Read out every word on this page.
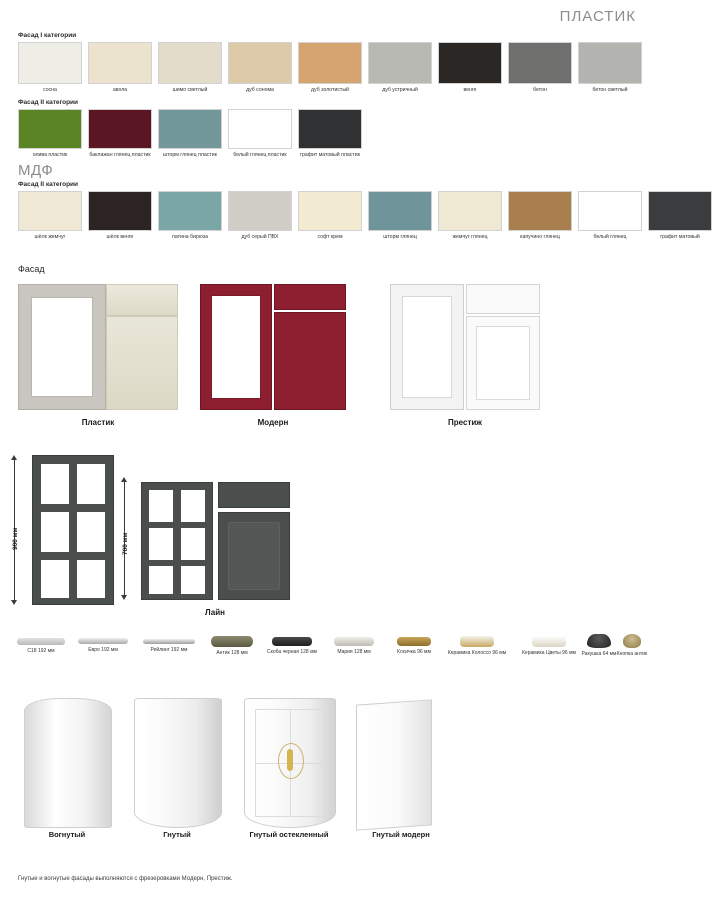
ПЛАСТИК
Фасад I категории
сосна	авола	шимо светлый	дуб сонома	дуб золотистый	дуб устричный	венге	бетон	бетон светлый
Фасад II категории
олива пластик	баклажан глянец пластик	шторм глянец пластик	белый глянец пластик	графит матовый пластик
МДФ
Фасад II категории
шёлк жемчуг	шёлк венге	патина бирюза	дуб серый ПВХ	софт крем	шторм глянец	жемчуг глянец	капучино глянец	белый глянец	графит матовый
Фасад
Пластик	Модерн	Престиж
900 мм	700 мм
Лайн
С18 192 мм	Евро 192 мм	Рейлинг 192 мм	Антик 128 мм	Скоба черная 128 мм	Мария 128 мм	Косичка 96 мм	Керамика Колоссо 96 мм	Керамика Цветы 96 мм	Ракушка 64 мм Кнопка антик
Вогнутый	Гнутый	Гнутый остекленный	Гнутый модерн
Гнутые и вогнутые фасады выполняются с фрезеровками Модерн, Престиж.
